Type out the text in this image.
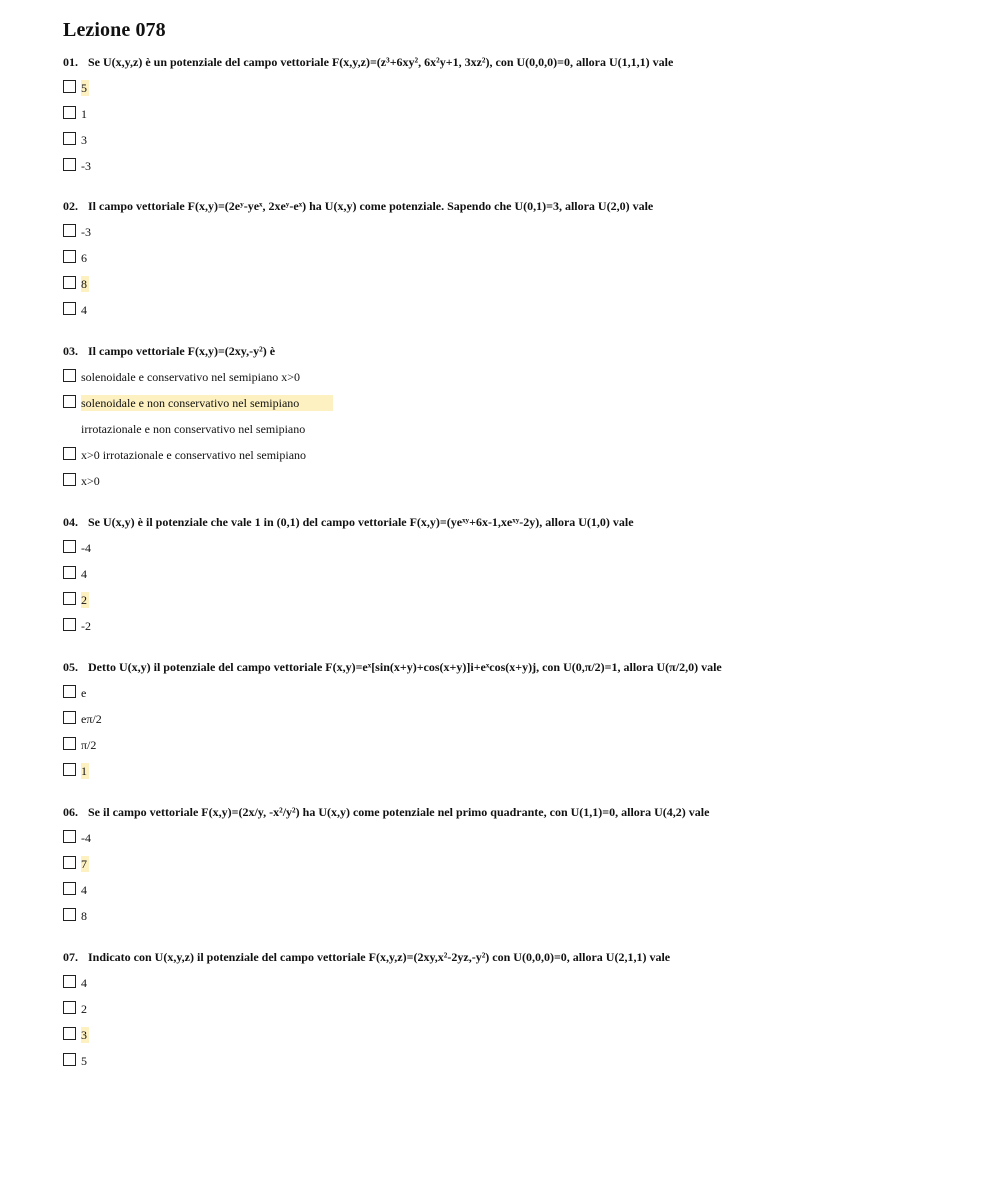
Lezione 078
01. Se U(x,y,z) è un potenziale del campo vettoriale F(x,y,z)=(z³+6xy², 6x²y+1, 3xz²), con U(0,0,0)=0, allora U(1,1,1) vale
5
1
3
-3
02. Il campo vettoriale F(x,y)=(2eʸ-yeˣ, 2xeʸ-eˣ) ha U(x,y) come potenziale. Sapendo che U(0,1)=3, allora U(2,0) vale
-3
6
8
4
03. Il campo vettoriale F(x,y)=(2xy,-y²) è
solenoidale e conservativo nel semipiano x>0
solenoidale e non conservativo nel semipiano
irrotazionale e non conservativo nel semipiano
x>0 irrotazionale e conservativo nel semipiano
x>0
04. Se U(x,y) è il potenziale che vale 1 in (0,1) del campo vettoriale F(x,y)=(yeˣʸ+6x-1,xeˣʸ-2y), allora U(1,0) vale
-4
4
2
-2
05. Detto U(x,y) il potenziale del campo vettoriale F(x,y)=eˣ[sin(x+y)+cos(x+y)]i+eˣcos(x+y)j, con U(0,π/2)=1, allora U(π/2,0) vale
e
eπ/2
π/2
1
06. Se il campo vettoriale F(x,y)=(2x/y, -x²/y²) ha U(x,y) come potenziale nel primo quadrante, con U(1,1)=0, allora U(4,2) vale
-4
7
4
8
07. Indicato con U(x,y,z) il potenziale del campo vettoriale F(x,y,z)=(2xy,x²-2yz,-y²) con U(0,0,0)=0, allora U(2,1,1) vale
4
2
3
5
